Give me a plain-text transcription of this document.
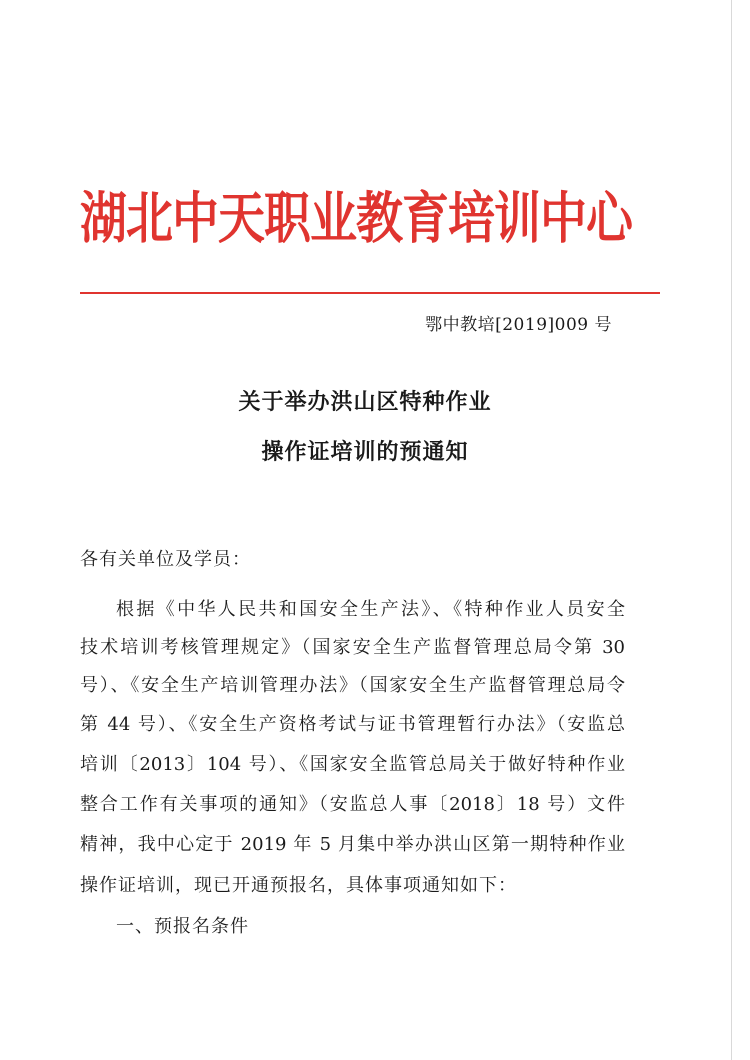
湖北中天职业教育培训中心
鄂中教培[2019]009 号
关于举办洪山区特种作业
操作证培训的预通知
各有关单位及学员：
根据《中华人民共和国安全生产法》、《特种作业人员安全
技术培训考核管理规定》（国家安全生产监督管理总局令第 30
号）、《安全生产培训管理办法》（国家安全生产监督管理总局令
第 44 号）、《安全生产资格考试与证书管理暂行办法》（安监总
培训〔2013〕104 号）、《国家安全监管总局关于做好特种作业
整合工作有关事项的通知》（安监总人事〔2018〕18 号）文件
精神，我中心定于 2019 年 5 月集中举办洪山区第一期特种作业
操作证培训，现已开通预报名，具体事项通知如下：
一、预报名条件
